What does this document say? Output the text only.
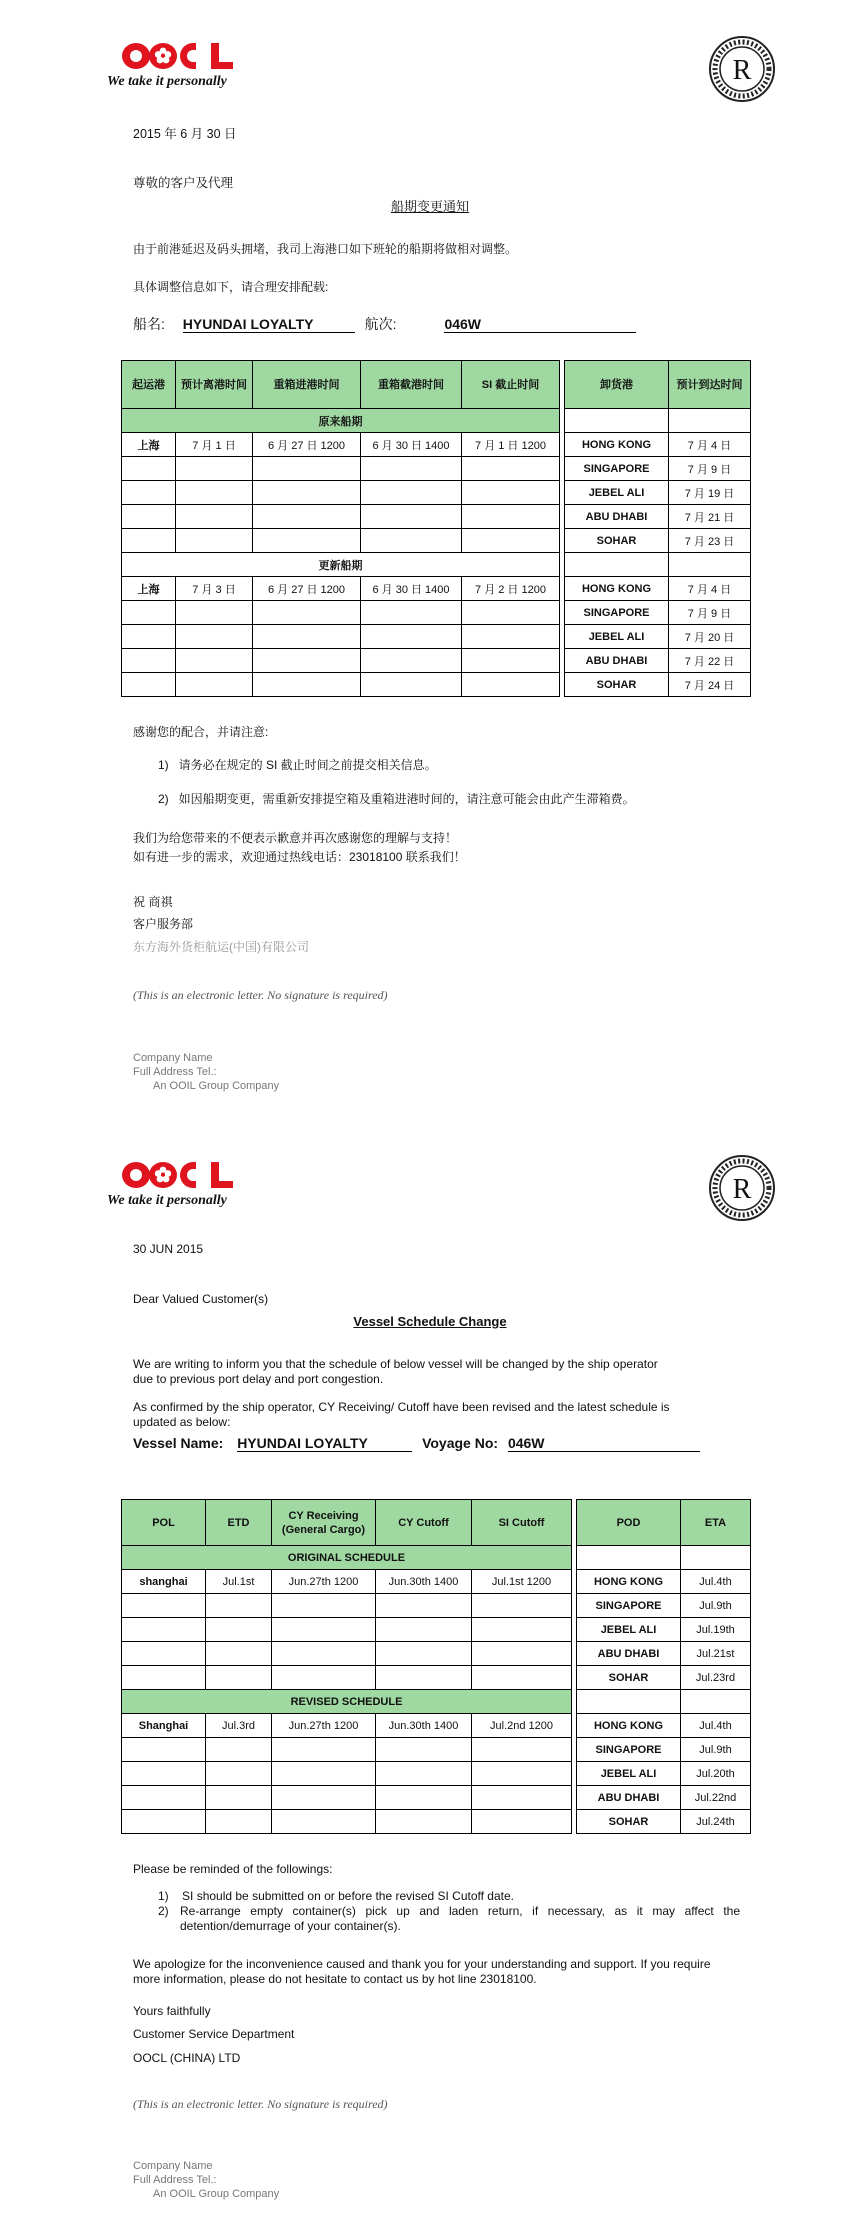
We take it personally	R
2015 年 6 月 30 日
尊敬的客户及代理
船期变更通知
由于前港延迟及码头拥堵，我司上海港口如下班轮的船期将做相对调整。
具体调整信息如下，请合理安排配载:
船名: HYUNDAI LOYALTY	航次:	046W
起运港	预计离港时间	重箱进港时间	重箱截港时间	SI 截止时间		卸货港	预计到达时间
原来船期							
上海	7 月 1 日	6 月 27 日 1200	6 月 30 日 1400	7 月 1 日 1200		HONG KONG	7 月 4 日
						SINGAPORE	7 月 9 日
						JEBEL ALI	7 月 19 日
						ABU DHABI	7 月 21 日
						SOHAR	7 月 23 日
更新船期							
上海	7 月 3 日	6 月 27 日 1200	6 月 30 日 1400	7 月 2 日 1200		HONG KONG	7 月 4 日
						SINGAPORE	7 月 9 日
						JEBEL ALI	7 月 20 日
						ABU DHABI	7 月 22 日
						SOHAR	7 月 24 日
感谢您的配合，并请注意:
1)   请务必在规定的 SI 截止时间之前提交相关信息。
2)   如因船期变更，需重新安排提空箱及重箱进港时间的，请注意可能会由此产生滞箱费。
我们为给您带来的不便表示歉意并再次感谢您的理解与支持！
如有进一步的需求，欢迎通过热线电话：23018100 联系我们！
祝 商祺
客户服务部
东方海外货柜航运(中国)有限公司
(This is an electronic letter. No signature is required)
Company Name
Full Address Tel.:
An OOIL Group Company
We take it personally	R
30 JUN 2015
Dear Valued Customer(s)
Vessel Schedule Change
We are writing to inform you that the schedule of below vessel will be changed by the ship operator
due to previous port delay and port congestion.
As confirmed by the ship operator, CY Receiving/ Cutoff have been revised and the latest schedule is
updated as below:
Vessel Name: HYUNDAI LOYALTY	Voyage No: 046W
POL	ETD	CY Receiving (General Cargo)	CY Cutoff	SI Cutoff		POD	ETA
ORIGINAL SCHEDULE							
shanghai	Jul.1st	Jun.27th 1200	Jun.30th 1400	Jul.1st 1200		HONG KONG	Jul.4th
						SINGAPORE	Jul.9th
						JEBEL ALI	Jul.19th
						ABU DHABI	Jul.21st
						SOHAR	Jul.23rd
REVISED SCHEDULE							
Shanghai	Jul.3rd	Jun.27th 1200	Jun.30th 1400	Jul.2nd 1200		HONG KONG	Jul.4th
						SINGAPORE	Jul.9th
						JEBEL ALI	Jul.20th
						ABU DHABI	Jul.22nd
						SOHAR	Jul.24th
Please be reminded of the followings:
1)    SI should be submitted on or before the revised SI Cutoff date.
2) Re-arrange empty container(s) pick up and laden return, if necessary, as it may affect the detention/demurrage of your container(s).
We apologize for the inconvenience caused and thank you for your understanding and support. If you require more information, please do not hesitate to contact us by hot line 23018100.
Yours faithfully
Customer Service Department
OOCL (CHINA) LTD
(This is an electronic letter. No signature is required)
Company Name
Full Address Tel.:
An OOIL Group Company
